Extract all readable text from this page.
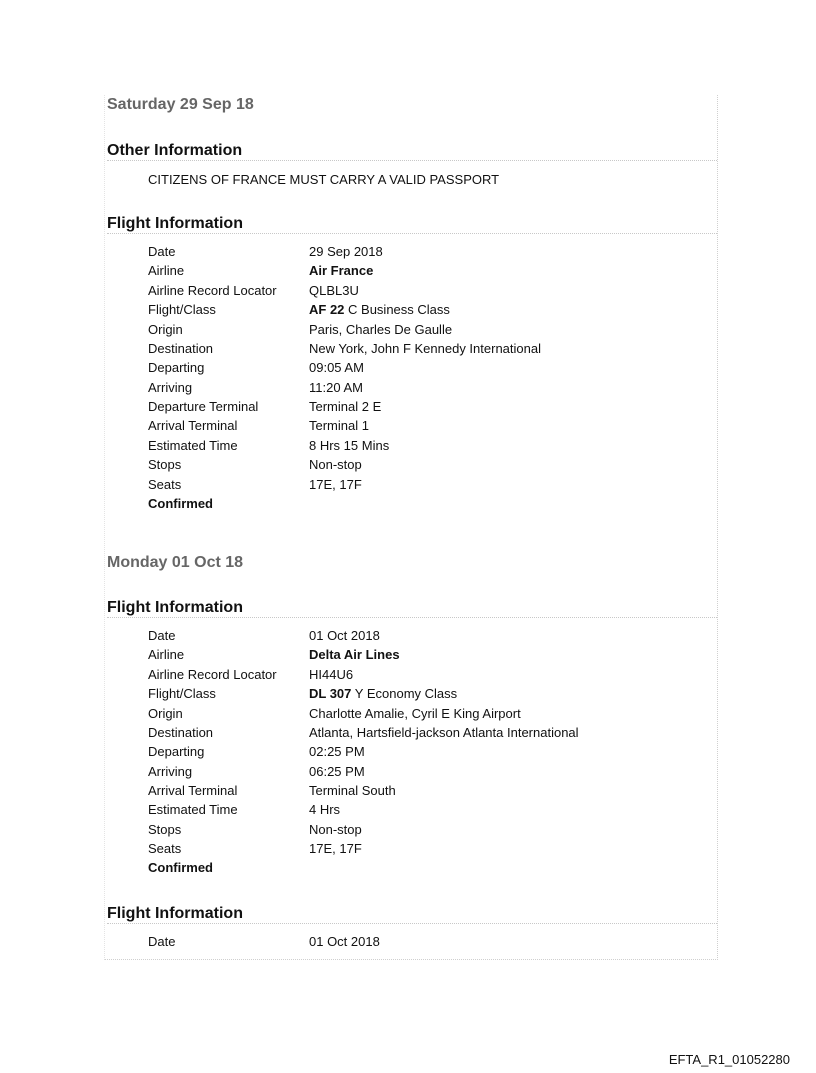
Saturday 29 Sep 18
Other Information
CITIZENS OF FRANCE MUST CARRY A VALID PASSPORT
Flight Information
Date	29 Sep 2018
Airline	Air France
Airline Record Locator QLBL3U
Flight/Class	AF 22 C Business Class
Origin	Paris, Charles De Gaulle
Destination	New York, John F Kennedy International
Departing	09:05 AM
Arriving	11:20 AM
Departure Terminal	Terminal 2 E
Arrival Terminal	Terminal 1
Estimated Time	8 Hrs 15 Mins
Stops	Non-stop
Seats	17E, 17F
Confirmed
Monday 01 Oct 18
Flight Information
Date	01 Oct 2018
Airline	Delta Air Lines
Airline Record Locator HI44U6
Flight/Class	DL 307 Y Economy Class
Origin	Charlotte Amalie, Cyril E King Airport
Destination	Atlanta, Hartsfield-jackson Atlanta International
Departing	02:25 PM
Arriving	06:25 PM
Arrival Terminal	Terminal South
Estimated Time	4 Hrs
Stops	Non-stop
Seats	17E, 17F
Confirmed
Flight Information
Date	01 Oct 2018
EFTA_R1_01052280
